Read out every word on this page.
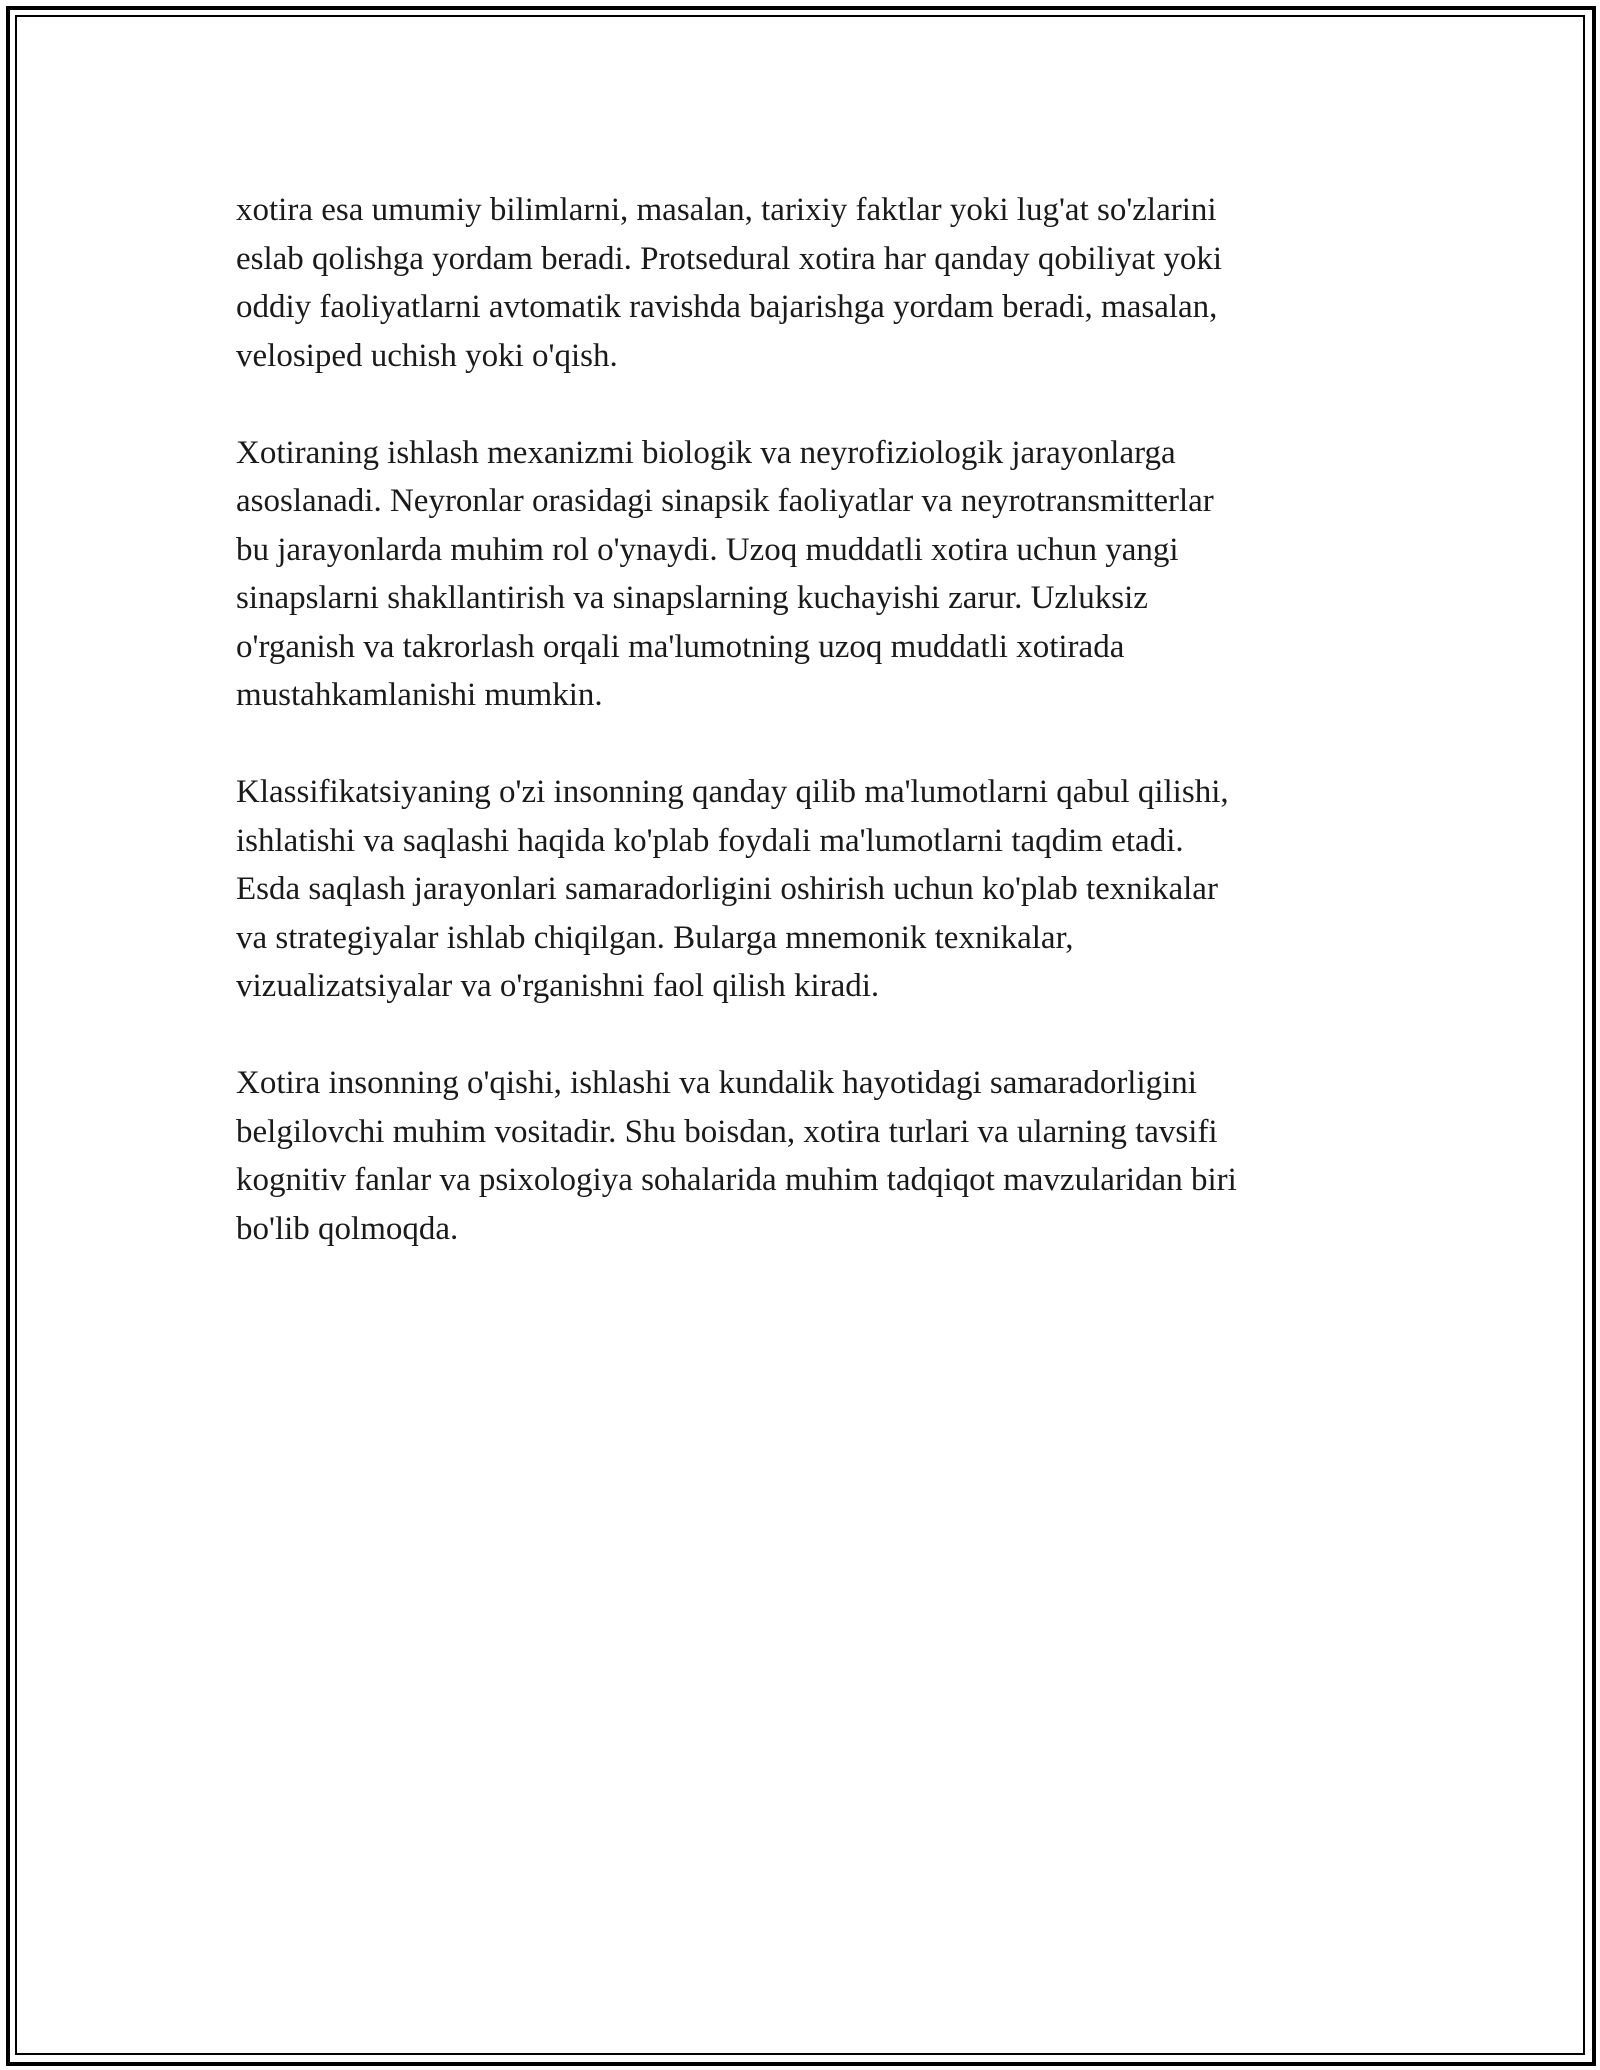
xotira esa umumiy bilimlarni, masalan, tarixiy faktlar yoki lug'at so'zlarini
eslab qolishga yordam beradi. Protsedural xotira har qanday qobiliyat yoki
oddiy faoliyatlarni avtomatik ravishda bajarishga yordam beradi, masalan,
velosiped uchish yoki o'qish.

Xotiraning ishlash mexanizmi biologik va neyrofiziologik jarayonlarga
asoslanadi. Neyronlar orasidagi sinapsik faoliyatlar va neyrotransmitterlar
bu jarayonlarda muhim rol o'ynaydi. Uzoq muddatli xotira uchun yangi
sinapslarni shakllantirish va sinapslarning kuchayishi zarur. Uzluksiz
o'rganish va takrorlash orqali ma'lumotning uzoq muddatli xotirada
mustahkamlanishi mumkin.

Klassifikatsiyaning o'zi insonning qanday qilib ma'lumotlarni qabul qilishi,
ishlatishi va saqlashi haqida ko'plab foydali ma'lumotlarni taqdim etadi.
Esda saqlash jarayonlari samaradorligini oshirish uchun ko'plab texnikalar
va strategiyalar ishlab chiqilgan. Bularga mnemonik texnikalar,
vizualizatsiyalar va o'rganishni faol qilish kiradi.

Xotira insonning o'qishi, ishlashi va kundalik hayotidagi samaradorligini
belgilovchi muhim vositadir. Shu boisdan, xotira turlari va ularning tavsifi
kognitiv fanlar va psixologiya sohalarida muhim tadqiqot mavzularidan biri
bo'lib qolmoqda.
